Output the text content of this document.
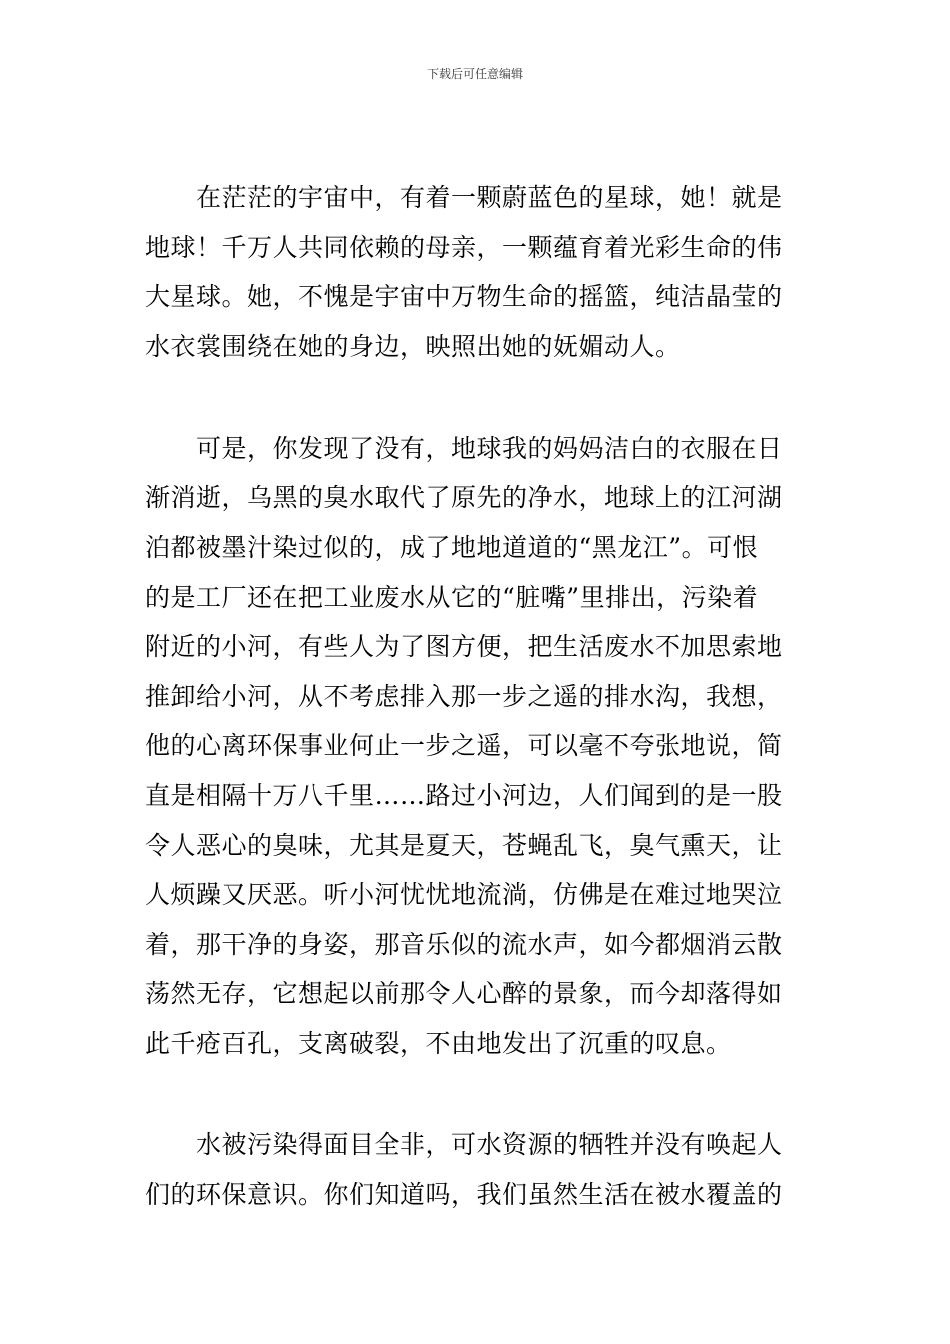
下载后可任意编辑
　　在茫茫的宇宙中，有着一颗蔚蓝色的星球，她！就是
地球！千万人共同依赖的母亲，一颗蕴育着光彩生命的伟
大星球。她，不愧是宇宙中万物生命的摇篮，纯洁晶莹的
水衣裳围绕在她的身边，映照出她的妩媚动人。
　　可是，你发现了没有，地球我的妈妈洁白的衣服在日
渐消逝，乌黑的臭水取代了原先的净水，地球上的江河湖
泊都被墨汁染过似的，成了地地道道的“黑龙江”。可恨
的是工厂还在把工业废水从它的“脏嘴”里排出，污染着
附近的小河，有些人为了图方便，把生活废水不加思索地
推卸给小河，从不考虑排入那一步之遥的排水沟，我想，
他的心离环保事业何止一步之遥，可以毫不夸张地说，简
直是相隔十万八千里……路过小河边，人们闻到的是一股
令人恶心的臭味，尤其是夏天，苍蝇乱飞，臭气熏天，让
人烦躁又厌恶。听小河忧忧地流淌，仿佛是在难过地哭泣
着，那干净的身姿，那音乐似的流水声，如今都烟消云散
荡然无存，它想起以前那令人心醉的景象，而今却落得如
此千疮百孔，支离破裂，不由地发出了沉重的叹息。
　　水被污染得面目全非，可水资源的牺牲并没有唤起人
们的环保意识。你们知道吗，我们虽然生活在被水覆盖的
